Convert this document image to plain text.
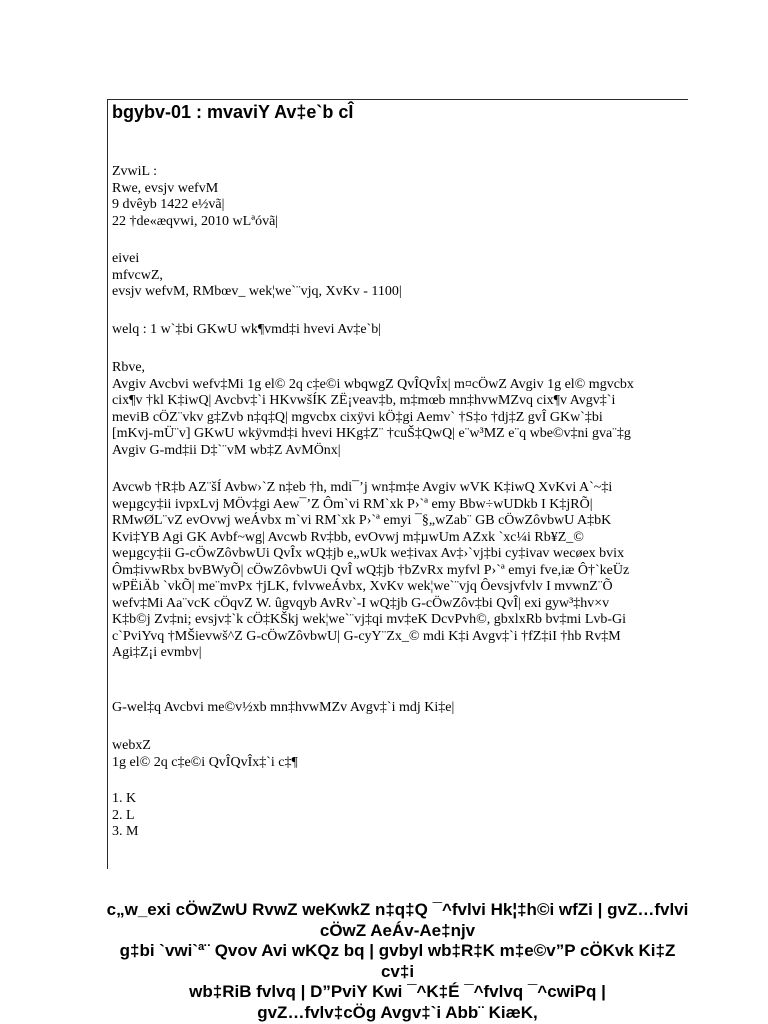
bgybv-01 : mvaviY Av‡e`b cÎ
ZvwiL :
Rwe, evsjv wefvM
9 dvêyb 1422 e½vã|
22 †de«æqvwi, 2010 wLªóvã|
eivei
mfvcwZ,
evsjv wefvM, RMbœv_ wek¦we`¨vjq, XvKv - 1100|
welq : 1 w`‡bi GKwU wk¶vmd‡i hvevi Av‡e`b|
Rbve,
Avgiv Avcbvi wefv‡Mi 1g el© 2q c‡e©i wbqwgZ QvÎQvÎx| m¤cÖwZ Avgiv 1g el© mgvcbx
cix¶v †kl K‡iwQ| Avcbv‡`i HKvwšÍK ZË¡veav‡b, m‡mœb mn‡hvwMZvq cix¶v Avgv‡`i
meviB cÖZ¨vkv g‡Zvb n‡q‡Q| mgvcbx cixÿvi kÖ‡gi Aemv` †S‡o †dj‡Z gvÎ GKw`‡bi
[mKvj-mÜ¨v] GKwU wkÿvmd‡i hvevi HKg‡Z¨ †cuŠ‡QwQ| e¨w³MZ e¨q wbe©v‡ni gva¨‡g
Avgiv G-md‡ii D‡`¨vM wb‡Z AvMÖnx|
Avcwb †R‡b AZ¨šÍ Avbw›`Z n‡eb †h, mdi¯’j wn‡m‡e Avgiv wVK K‡iwQ XvKvi A`~‡i
weµgcy‡ii ivpxLvj MÖv‡gi Aew¯’Z Ôm`vi RM`xk P›`ª emy Bbw÷wUDkb I K‡jRÕ|
RMwØL¨vZ evOvwj weÁvbx m`vi RM`xk P›`ª emyi ¯§„wZab¨ GB cÖwZôvbwU A‡bK
Kvi‡YB Agi GK Avbf~wg| Avcwb Rv‡bb, evOvwj m‡µwUm AZxk `xc¼i Rb¥Z_©
weµgcy‡ii G-cÖwZôvbwUi QvÎx wQ‡jb e„wUk we‡ivax Av‡›`vj‡bi cy‡ivav wecøex bvix
Ôm‡ivwRbx bvBWyÕ| cÖwZôvbwUi QvÎ wQ‡jb †bZvRx myfvl P›`ª emyi fve,iæ Ô†`keÜz
wPËiÄb `vkÕ| me¨mvPx †jLK, fvlvweÁvbx, XvKv wek¦we`¨vjq Ôevsjvfvlv I mvwnZ¨Õ
wefv‡Mi Aa¨vcK cÖqvZ W. ûgvqyb AvRv`-I wQ‡jb G-cÖwZôv‡bi QvÎ| exi gyw³‡hv×v
K‡b©j Zv‡ni; evsjv‡`k cÖ‡KŠkj wek¦we`¨vj‡qi mv‡eK DcvPvh©, gbxlxRb bv‡mi Lvb-Gi
c`PviYvq †MŠievwš^Z G-cÖwZôvbwU| G-cyY¨Zx_© mdi K‡i Avgv‡`i †fZ‡iI †hb Rv‡M
Agi‡Z¡i evmbv|
G-wel‡q Avcbvi me©v½xb mn‡hvwMZv Avgv‡`i mdj Ki‡e|
webxZ
1g el© 2q c‡e©i QvÎQvÎx‡`i c‡¶
1. K
2. L
3. M
c„w_exi cÖwZwU RvwZ weKwkZ n‡q‡Q ¯^fvlvi Hk¦‡h©i wfZi | gvZ…fvlvi
cÖwZ AeÁv-Ae‡njv
g‡bi `vwi`ª¨ Qvov Avi wKQz bq | gvbyl wb‡R‡K m‡e©v”P cÖKvk Ki‡Z
cv‡i
wb‡RiB fvlvq | D”PviY Kwi ¯^K‡É ¯^fvlvq ¯^cwiPq |
gvZ…fvlv‡cÖg Avgv‡`i Abb¨ KiæK,
